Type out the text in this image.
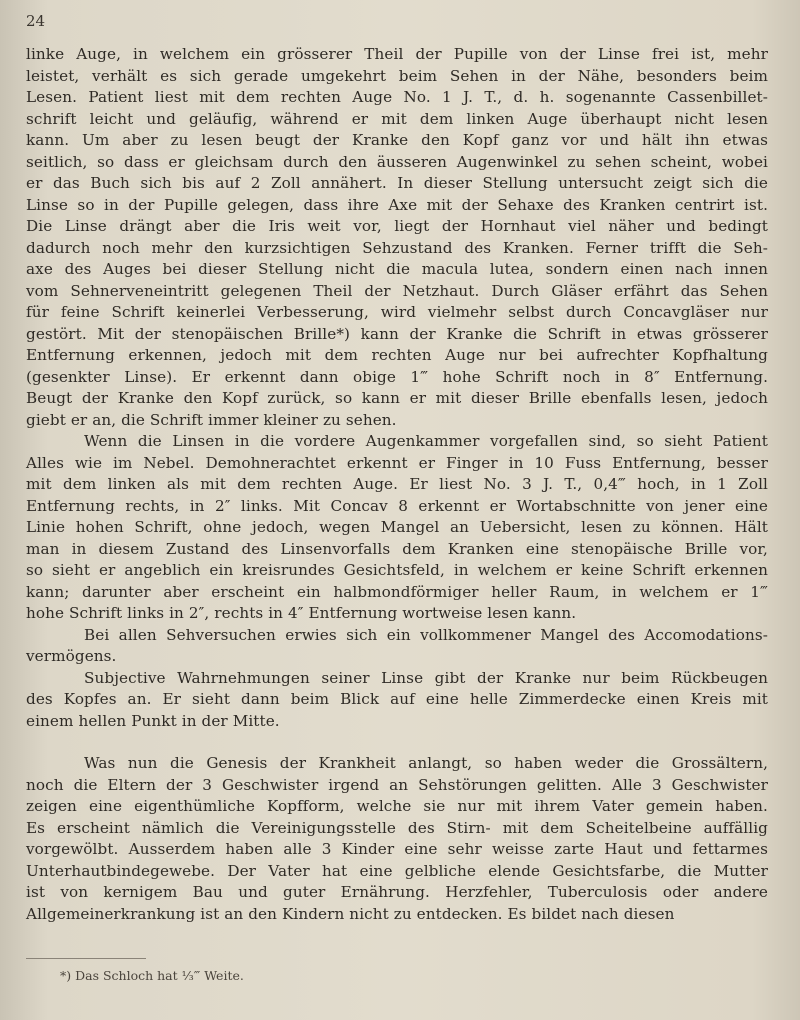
24
linke Auge, in welchem ein grösserer Theil der Pupille von der Linse frei ist, mehr
leistet, verhält es sich gerade umgekehrt beim Sehen in der Nähe, besonders beim
Lesen. Patient liest mit dem rechten Auge No. 1 J. T., d. h. sogenannte Cassenbillet-
schrift leicht und geläufig, während er mit dem linken Auge überhaupt nicht lesen
kann. Um aber zu lesen beugt der Kranke den Kopf ganz vor und hält ihn etwas
seitlich, so dass er gleichsam durch den äusseren Augenwinkel zu sehen scheint, wobei
er das Buch sich bis auf 2 Zoll annähert. In dieser Stellung untersucht zeigt sich die
Linse so in der Pupille gelegen, dass ihre Axe mit der Sehaxe des Kranken centrirt ist.
Die Linse drängt aber die Iris weit vor, liegt der Hornhaut viel näher und bedingt
dadurch noch mehr den kurzsichtigen Sehzustand des Kranken. Ferner trifft die Seh-
axe des Auges bei dieser Stellung nicht die macula lutea, sondern einen nach innen
vom Sehnerveneintritt gelegenen Theil der Netzhaut. Durch Gläser erfährt das Sehen
für feine Schrift keinerlei Verbesserung, wird vielmehr selbst durch Concavgläser nur
gestört. Mit der stenopäischen Brille*) kann der Kranke die Schrift in etwas grösserer
Entfernung erkennen, jedoch mit dem rechten Auge nur bei aufrechter Kopfhaltung
(gesenkter Linse). Er erkennt dann obige 1‴ hohe Schrift noch in 8″ Entfernung.
Beugt der Kranke den Kopf zurück, so kann er mit dieser Brille ebenfalls lesen, jedoch
giebt er an, die Schrift immer kleiner zu sehen.
Wenn die Linsen in die vordere Augenkammer vorgefallen sind, so sieht Patient
Alles wie im Nebel. Demohnerachtet erkennt er Finger in 10 Fuss Entfernung, besser
mit dem linken als mit dem rechten Auge. Er liest No. 3 J. T., 0,4‴ hoch, in 1 Zoll
Entfernung rechts, in 2″ links. Mit Concav 8 erkennt er Wortabschnitte von jener eine
Linie hohen Schrift, ohne jedoch, wegen Mangel an Uebersicht, lesen zu können. Hält
man in diesem Zustand des Linsenvorfalls dem Kranken eine stenopäische Brille vor,
so sieht er angeblich ein kreisrundes Gesichtsfeld, in welchem er keine Schrift erkennen
kann; darunter aber erscheint ein halbmondförmiger heller Raum, in welchem er 1‴
hohe Schrift links in 2″, rechts in 4″ Entfernung wortweise lesen kann.
Bei allen Sehversuchen erwies sich ein vollkommener Mangel des Accomodations-
vermögens.
Subjective Wahrnehmungen seiner Linse gibt der Kranke nur beim Rückbeugen
des Kopfes an. Er sieht dann beim Blick auf eine helle Zimmerdecke einen Kreis mit
einem hellen Punkt in der Mitte.
Was nun die Genesis der Krankheit anlangt, so haben weder die Grossältern,
noch die Eltern der 3 Geschwister irgend an Sehstörungen gelitten. Alle 3 Geschwister
zeigen eine eigenthümliche Kopfform, welche sie nur mit ihrem Vater gemein haben.
Es erscheint nämlich die Vereinigungsstelle des Stirn- mit dem Scheitelbeine auffällig
vorgewölbt. Ausserdem haben alle 3 Kinder eine sehr weisse zarte Haut und fettarmes
Unterhautbindegewebe. Der Vater hat eine gelbliche elende Gesichtsfarbe, die Mutter
ist von kernigem Bau und guter Ernährung. Herzfehler, Tuberculosis oder andere
Allgemeinerkrankung ist an den Kindern nicht zu entdecken. Es bildet nach diesen
*) Das Schloch hat ⅓‴ Weite.
